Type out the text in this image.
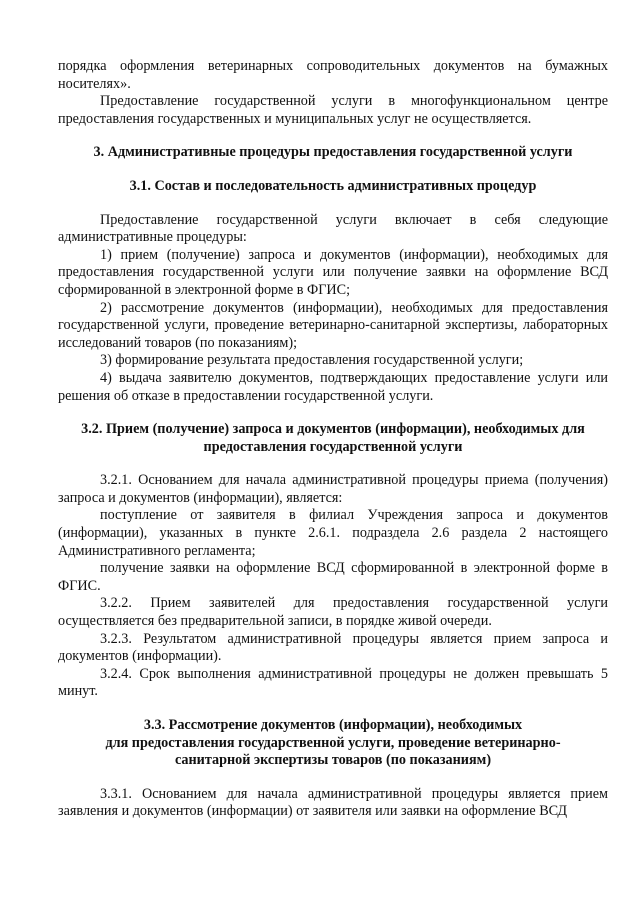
порядка оформления ветеринарных сопроводительных документов на бумажных носителях».

Предоставление государственной услуги в многофункциональном центре предоставления государственных и муниципальных услуг не осуществляется.

3. Административные процедуры предоставления государственной услуги

3.1. Состав и последовательность административных процедур

Предоставление государственной услуги включает в себя следующие административные процедуры:

1) прием (получение) запроса и документов (информации), необходимых для предоставления государственной услуги или получение заявки на оформление ВСД сформированной в электронной форме в ФГИС;

2) рассмотрение документов (информации), необходимых для предоставления государственной услуги, проведение ветеринарно-санитарной экспертизы, лабораторных исследований товаров (по показаниям);

3) формирование результата предоставления государственной услуги;

4) выдача заявителю документов, подтверждающих предоставление услуги или решения об отказе в предоставлении государственной услуги.

3.2. Прием (получение) запроса и документов (информации), необходимых для

предоставления государственной услуги

3.2.1. Основанием для начала административной процедуры приема (получения) запроса и документов (информации), является:

поступление от заявителя в филиал Учреждения запроса и документов (информации), указанных в пункте 2.6.1. подраздела 2.6 раздела 2 настоящего Административного регламента;

получение заявки на оформление ВСД сформированной в электронной форме в ФГИС.

3.2.2. Прием заявителей для предоставления государственной услуги осуществляется без предварительной записи, в порядке живой очереди.

3.2.3. Результатом административной процедуры является прием запроса и документов (информации).

3.2.4. Срок выполнения административной процедуры не должен превышать 5 минут.

3.3. Рассмотрение документов (информации), необходимых

для предоставления государственной услуги, проведение ветеринарно-

санитарной экспертизы товаров (по показаниям)

3.3.1. Основанием для начала административной процедуры является прием заявления и документов (информации) от заявителя или заявки на оформление ВСД
